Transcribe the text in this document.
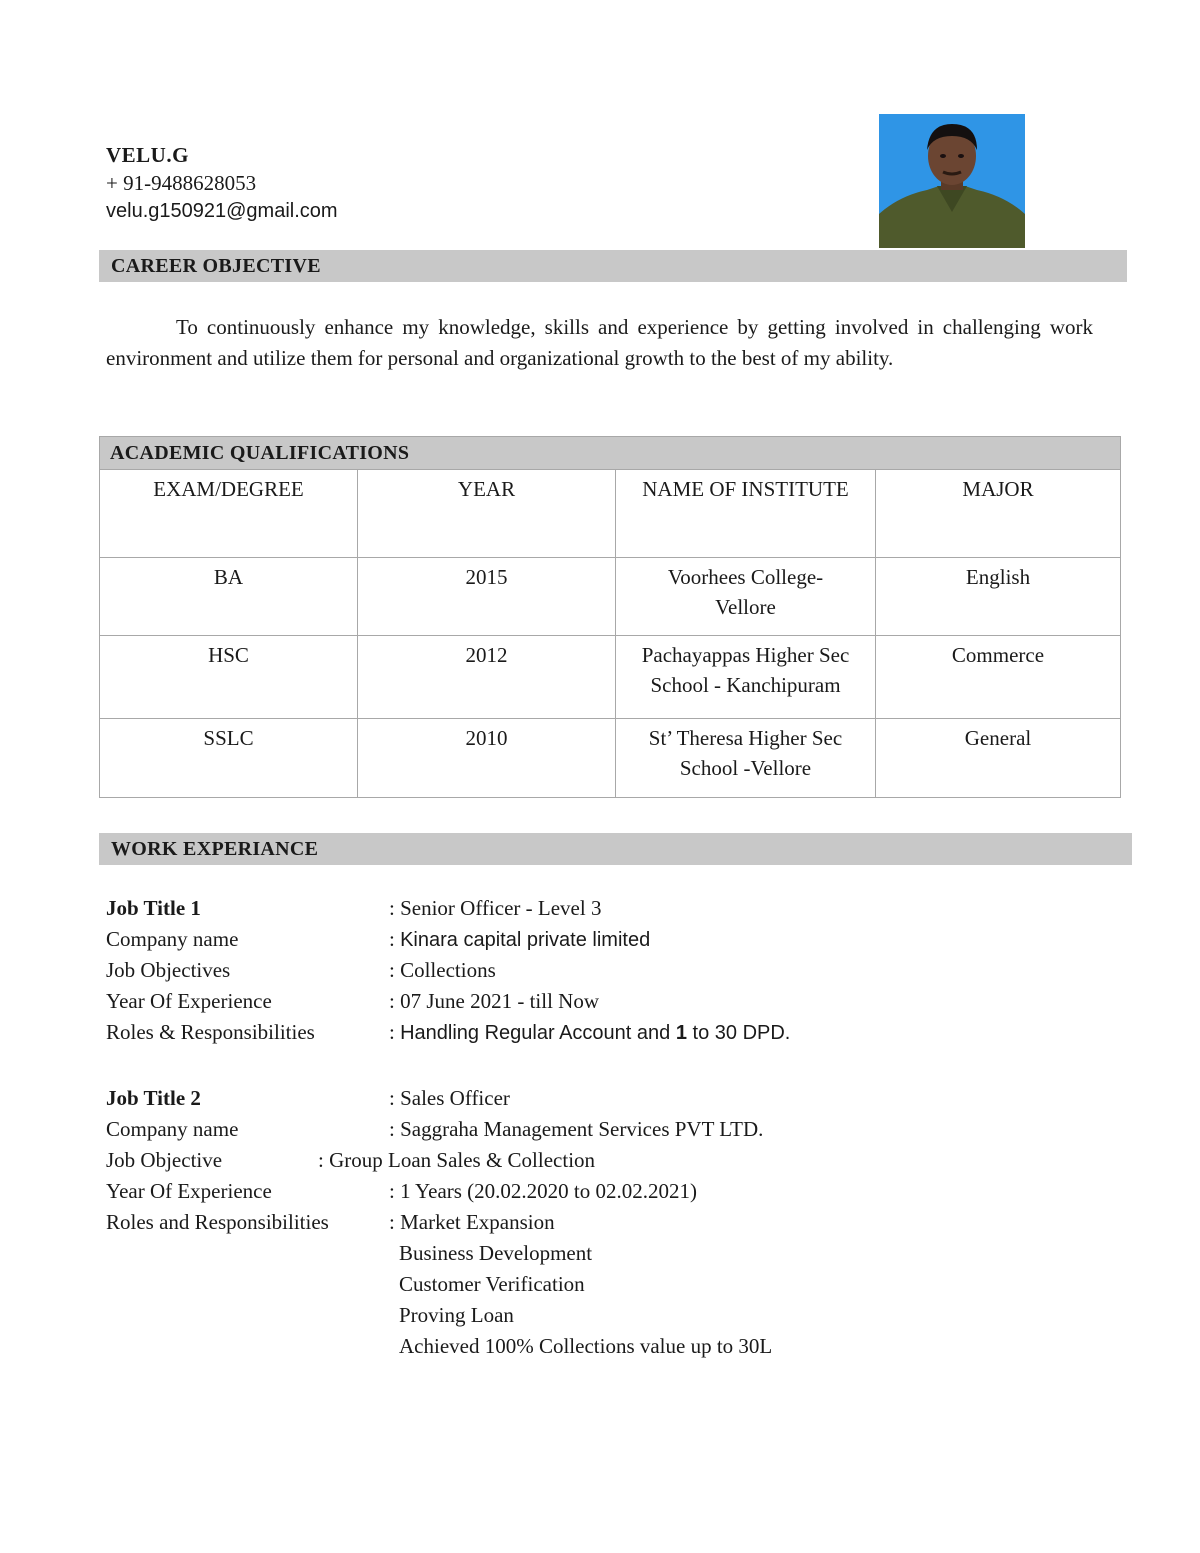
VELU.G
+ 91-9488628053
velu.g150921@gmail.com
CAREER OBJECTIVE
To continuously enhance my knowledge, skills and experience by getting involved in challenging work environment and utilize them for personal and organizational growth to the best of my ability.
ACADEMIC QUALIFICATIONS			
EXAM/DEGREE	YEAR	NAME OF INSTITUTE	MAJOR
BA	2015	Voorhees College-Vellore	English
HSC	2012	Pachayappas Higher Sec School - Kanchipuram	Commerce
SSLC	2010	St’ Theresa Higher Sec School -Vellore	General
WORK EXPERIANCE
Job Title 1	: Senior Officer - Level 3
Company name	: Kinara capital private limited
Job Objectives	: Collections
Year Of Experience	: 07 June 2021 - till Now
Roles & Responsibilities	: Handling Regular Account and 1 to 30 DPD.
Job Title 2	: Sales Officer
Company name	: Saggraha Management Services PVT LTD.
Job Objective	: Group Loan Sales & Collection
Year Of Experience	: 1 Years (20.02.2020 to 02.02.2021)
Roles and Responsibilities	: Market Expansion
Business Development
Customer Verification
Proving Loan
Achieved 100% Collections value up to 30L
